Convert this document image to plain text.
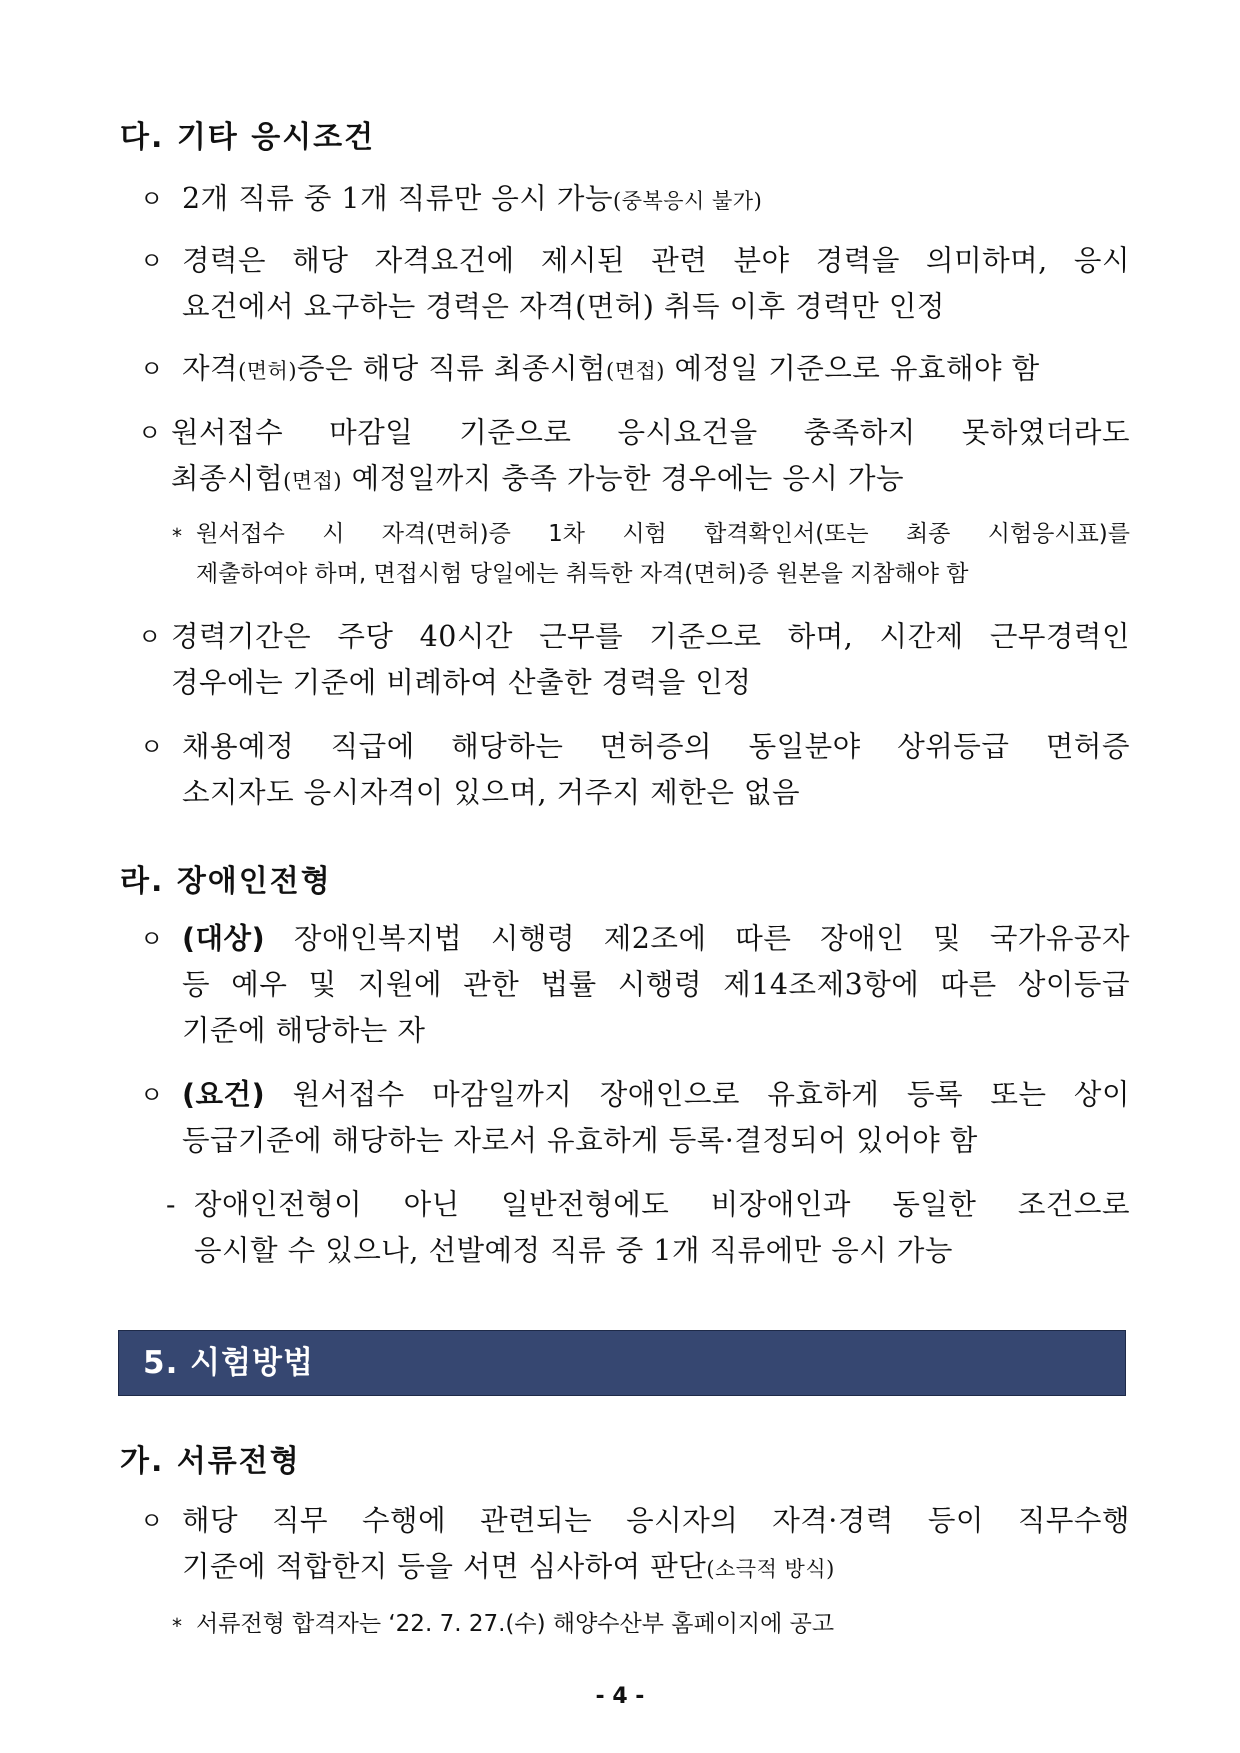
다. 기타 응시조건
ㅇ 2개 직류 중 1개 직류만 응시 가능(중복응시 불가)
ㅇ 경력은 해당 자격요건에 제시된 관련 분야 경력을 의미하며, 응시
요건에서 요구하는 경력은 자격(면허) 취득 이후 경력만 인정
ㅇ 자격(면허)증은 해당 직류 최종시험(면접) 예정일 기준으로 유효해야 함
ㅇ 원서접수 마감일 기준으로 응시요건을 충족하지 못하였더라도
최종시험(면접) 예정일까지 충족 가능한 경우에는 응시 가능
* 원서접수 시 자격(면허)증 1차 시험 합격확인서(또는 최종 시험응시표)를
제출하여야 하며, 면접시험 당일에는 취득한 자격(면허)증 원본을 지참해야 함
ㅇ 경력기간은 주당 40시간 근무를 기준으로 하며, 시간제 근무경력인
경우에는 기준에 비례하여 산출한 경력을 인정
ㅇ 채용예정 직급에 해당하는 면허증의 동일분야 상위등급 면허증
소지자도 응시자격이 있으며, 거주지 제한은 없음
라. 장애인전형
ㅇ (대상) 장애인복지법 시행령 제2조에 따른 장애인 및 국가유공자
등 예우 및 지원에 관한 법률 시행령 제14조제3항에 따른 상이등급
기준에 해당하는 자
ㅇ (요건) 원서접수 마감일까지 장애인으로 유효하게 등록 또는 상이
등급기준에 해당하는 자로서 유효하게 등록·결정되어 있어야 함
- 장애인전형이 아닌 일반전형에도 비장애인과 동일한 조건으로
응시할 수 있으나, 선발예정 직류 중 1개 직류에만 응시 가능
5. 시험방법
가. 서류전형
ㅇ 해당 직무 수행에 관련되는 응시자의 자격·경력 등이 직무수행
기준에 적합한지 등을 서면 심사하여 판단(소극적 방식)
* 서류전형 합격자는 ‘22. 7. 27.(수) 해양수산부 홈페이지에 공고
- 4 -
